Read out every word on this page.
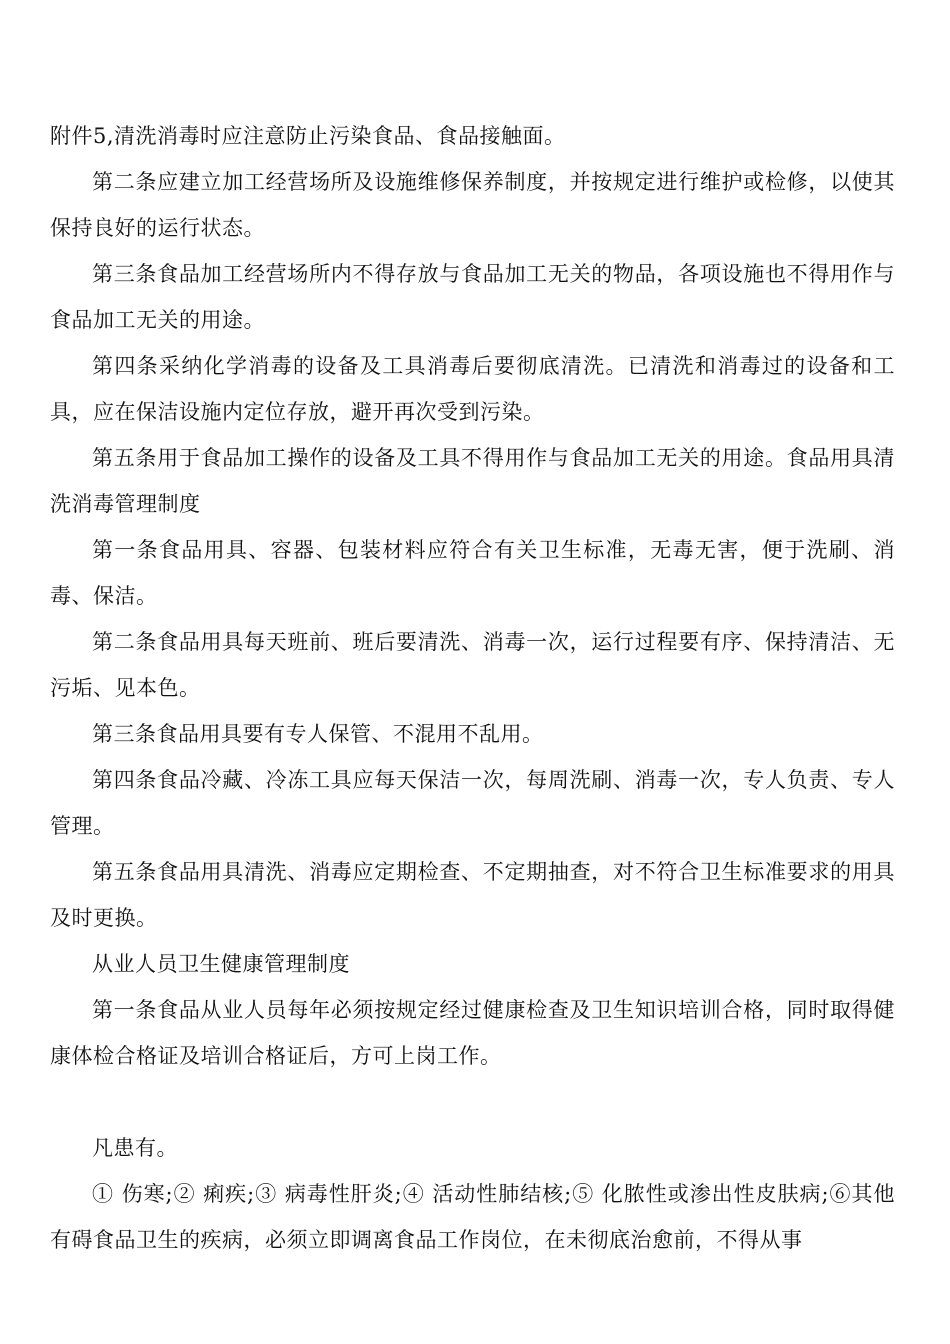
附件5,清洗消毒时应注意防止污染食品、食品接触面。

第二条应建立加工经营场所及设施维修保养制度，并按规定进行维护或检修，以使其保持良好的运行状态。

第三条食品加工经营场所内不得存放与食品加工无关的物品，各项设施也不得用作与食品加工无关的用途。

第四条采纳化学消毒的设备及工具消毒后要彻底清洗。已清洗和消毒过的设备和工具，应在保洁设施内定位存放，避开再次受到污染。

第五条用于食品加工操作的设备及工具不得用作与食品加工无关的用途。食品用具清洗消毒管理制度

第一条食品用具、容器、包装材料应符合有关卫生标准，无毒无害，便于洗刷、消毒、保洁。

第二条食品用具每天班前、班后要清洗、消毒一次，运行过程要有序、保持清洁、无污垢、见本色。

第三条食品用具要有专人保管、不混用不乱用。

第四条食品冷藏、冷冻工具应每天保洁一次，每周洗刷、消毒一次，专人负责、专人管理。

第五条食品用具清洗、消毒应定期检查、不定期抽查，对不符合卫生标准要求的用具及时更换。

从业人员卫生健康管理制度

第一条食品从业人员每年必须按规定经过健康检查及卫生知识培训合格，同时取得健康体检合格证及培训合格证后，方可上岗工作。

凡患有。

① 伤寒;② 痢疾;③ 病毒性肝炎;④ 活动性肺结核;⑤ 化脓性或渗出性皮肤病;⑥其他有碍食品卫生的疾病，必须立即调离食品工作岗位，在未彻底治愈前，不得从事
